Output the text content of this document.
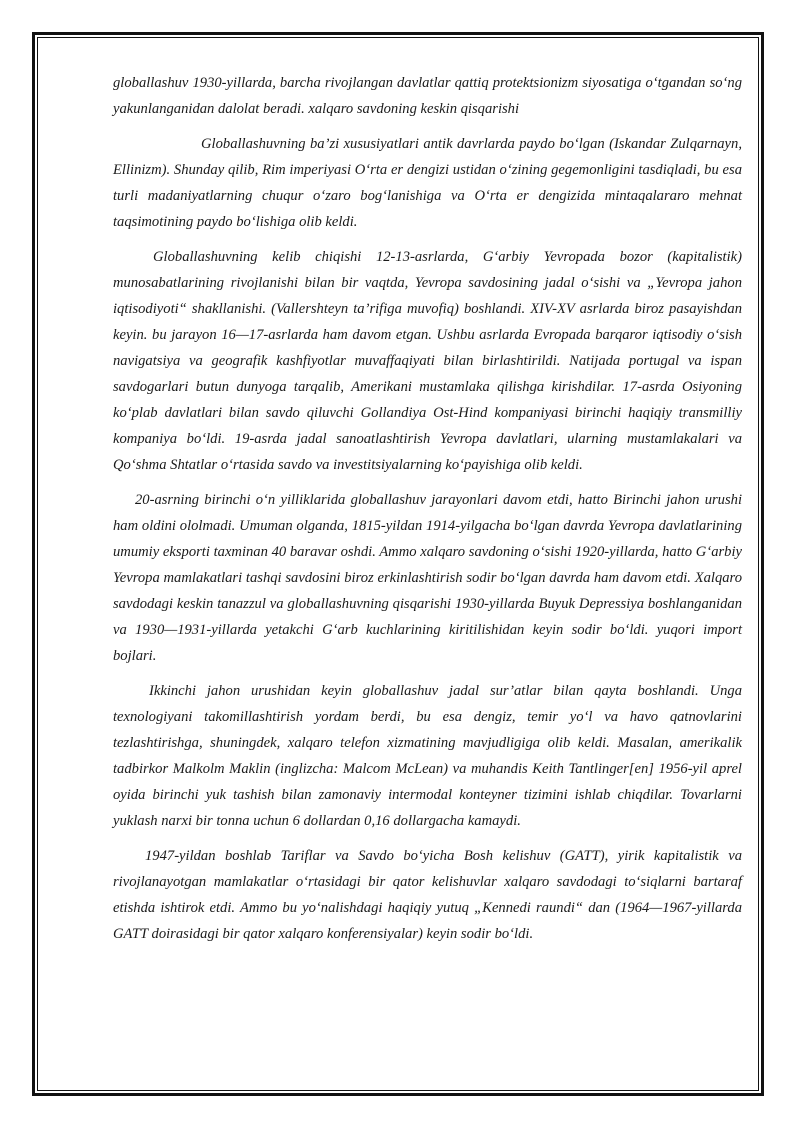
globallashuv 1930-yillarda, barcha rivojlangan davlatlar qattiq protektsionizm siyosatiga o‘tgandan so‘ng yakunlanganidan dalolat beradi. xalqaro savdoning keskin qisqarishi

Globallashuvning ba’zi xususiyatlari antik davrlarda paydo bo‘lgan (Iskandar Zulqarnayn, Ellinizm). Shunday qilib, Rim imperiyasi O‘rta er dengizi ustidan o‘zining gegemonligini tasdiqladi, bu esa turli madaniyatlarning chuqur o‘zaro bog‘lanishiga va O‘rta er dengizida mintaqalararo mehnat taqsimotining paydo bo‘lishiga olib keldi.

Globallashuvning kelib chiqishi 12-13-asrlarda, G‘arbiy Yevropada bozor (kapitalistik) munosabatlarining rivojlanishi bilan bir vaqtda, Yevropa savdosining jadal o‘sishi va „Yevropa jahon iqtisodiyoti“ shakllanishi. (Vallershteyn ta’rifiga muvofiq) boshlandi. XIV-XV asrlarda biroz pasayishdan keyin. bu jarayon 16—17-asrlarda ham davom etgan. Ushbu asrlarda Evropada barqaror iqtisodiy o‘sish navigatsiya va geografik kashfiyotlar muvaffaqiyati bilan birlashtirildi. Natijada portugal va ispan savdogarlari butun dunyoga tarqalib, Amerikani mustamlaka qilishga kirishdilar. 17-asrda Osiyoning ko‘plab davlatlari bilan savdo qiluvchi Gollandiya Ost-Hind kompaniyasi birinchi haqiqiy transmilliy kompaniya bo‘ldi. 19-asrda jadal sanoatlashtirish Yevropa davlatlari, ularning mustamlakalari va Qo‘shma Shtatlar o‘rtasida savdo va investitsiyalarning ko‘payishiga olib keldi.

20-asrning birinchi o‘n yilliklarida globallashuv jarayonlari davom etdi, hatto Birinchi jahon urushi ham oldini ololmadi. Umuman olganda, 1815-yildan 1914-yilgacha bo‘lgan davrda Yevropa davlatlarining umumiy eksporti taxminan 40 baravar oshdi. Ammo xalqaro savdoning o‘sishi 1920-yillarda, hatto G‘arbiy Yevropa mamlakatlari tashqi savdosini biroz erkinlashtirish sodir bo‘lgan davrda ham davom etdi. Xalqaro savdodagi keskin tanazzul va globallashuvning qisqarishi 1930-yillarda Buyuk Depressiya boshlanganidan va 1930—1931-yillarda yetakchi G‘arb kuchlarining kiritilishidan keyin sodir bo‘ldi. yuqori import bojlari.

Ikkinchi jahon urushidan keyin globallashuv jadal sur’atlar bilan qayta boshlandi. Unga texnologiyani takomillashtirish yordam berdi, bu esa dengiz, temir yo‘l va havo qatnovlarini tezlashtirishga, shuningdek, xalqaro telefon xizmatining mavjudligiga olib keldi. Masalan, amerikalik tadbirkor Malkolm Maklin (inglizcha: Malcom McLean) va muhandis Keith Tantlinger[en] 1956-yil aprel oyida birinchi yuk tashish bilan zamonaviy intermodal konteyner tizimini ishlab chiqdilar. Tovarlarni yuklash narxi bir tonna uchun 6 dollardan 0,16 dollargacha kamaydi.

1947-yildan boshlab Tariflar va Savdo bo‘yicha Bosh kelishuv (GATT), yirik kapitalistik va rivojlanayotgan mamlakatlar o‘rtasidagi bir qator kelishuvlar xalqaro savdodagi to‘siqlarni bartaraf etishda ishtirok etdi. Ammo bu yo‘nalishdagi haqiqiy yutuq „Kennedi raundi“ dan (1964—1967-yillarda GATT doirasidagi bir qator xalqaro konferensiyalar) keyin sodir bo‘ldi.
